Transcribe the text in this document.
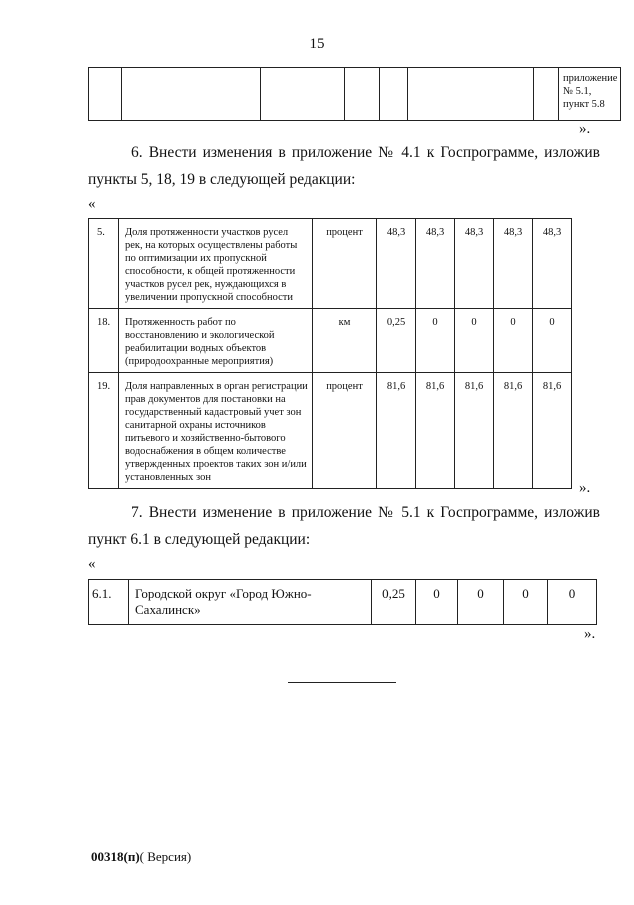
15
							приложение № 5.1, пункт 5.8
».
6. Внести изменения в приложение № 4.1 к Госпрограмме, изложив
пункты 5, 18, 19 в следующей редакции:
«
5.	Доля протяженности участков русел рек, на которых осуществлены работы по оптимизации их пропускной способности, к общей протяженности участков русел рек, нуждающихся в увеличении пропускной способности	процент	48,3	48,3	48,3	48,3	48,3
18.	Протяженность работ по восстановлению и экологической реабилитации водных объектов (природоохранные мероприятия)	км	0,25	0	0	0	0
19.	Доля направленных в орган регистрации прав документов для постановки на государственный кадастровый учет зон санитарной охраны источников питьевого и хозяйственно-бытового водоснабжения в общем количестве утвержденных проектов таких зон и/или установленных зон	процент	81,6	81,6	81,6	81,6	81,6
».
7. Внести изменение в приложение № 5.1 к Госпрограмме, изложив
пункт 6.1 в следующей редакции:
«
6.1.	Городской округ «Город Южно-Сахалинск»	0,25	0	0	0	0
».
00318(п)( Версия)
